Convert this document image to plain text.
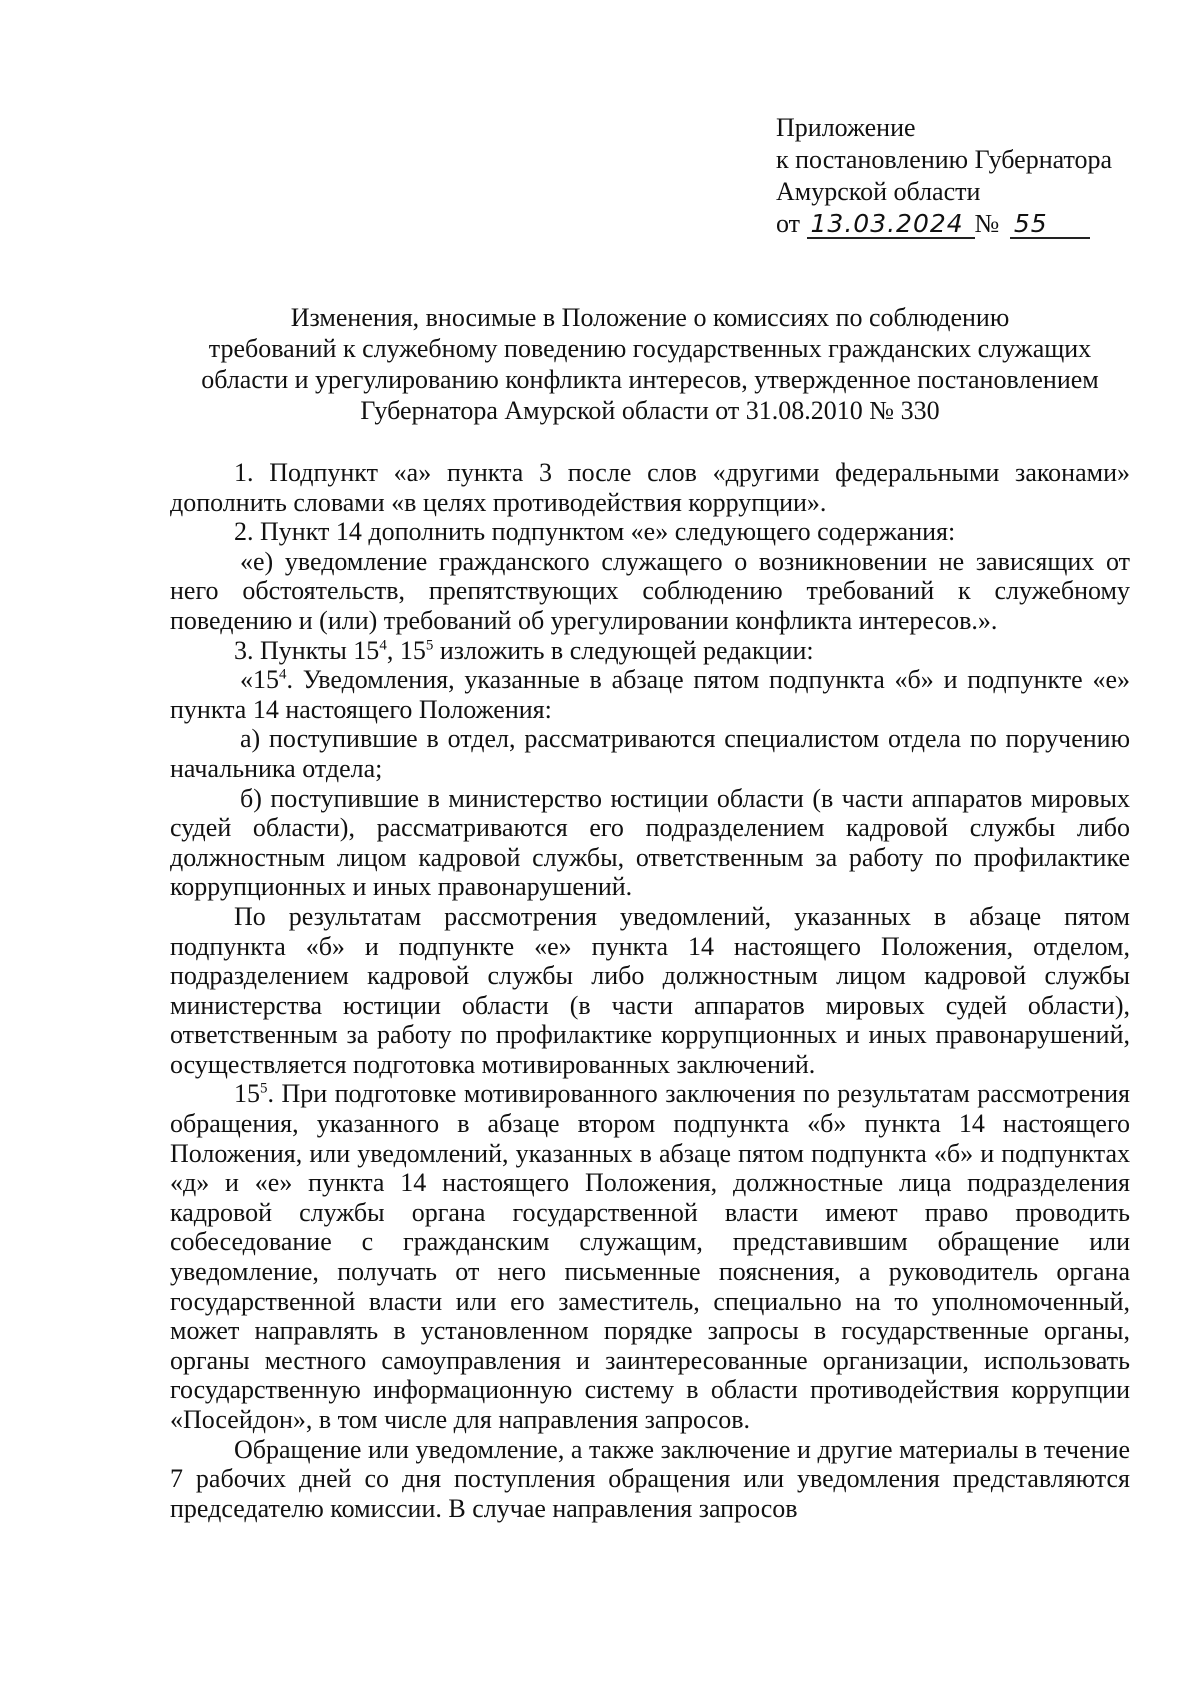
Приложение
к постановлению Губернатора
Амурской области
от 13.03.2024 № 55
Изменения, вносимые в Положение о комиссиях по соблюдению
требований к служебному поведению государственных гражданских служащих
области и урегулированию конфликта интересов, утвержденное постановлением
Губернатора Амурской области от 31.08.2010 № 330

1. Подпункт «а» пункта 3 после слов «другими федеральными законами» дополнить словами «в целях противодействия коррупции».

2. Пункт 14 дополнить подпунктом «е» следующего содержания:

«е) уведомление гражданского служащего о возникновении не зависящих от него обстоятельств, препятствующих соблюдению требований к служебному поведению и (или) требований об урегулировании конфликта интересов.».

3. Пункты $15^4$, $15^5$ изложить в следующей редакции:

«$15^4$. Уведомления, указанные в абзаце пятом подпункта «б» и подпункте «е» пункта 14 настоящего Положения:

а) поступившие в отдел, рассматриваются специалистом отдела по поручению начальника отдела;

б) поступившие в министерство юстиции области (в части аппаратов мировых судей области), рассматриваются его подразделением кадровой службы либо должностным лицом кадровой службы, ответственным за работу по профилактике коррупционных и иных правонарушений.

По результатам рассмотрения уведомлений, указанных в абзаце пятом подпункта «б» и подпункте «е» пункта 14 настоящего Положения, отделом, подразделением кадровой службы либо должностным лицом кадровой службы министерства юстиции области (в части аппаратов мировых судей области), ответственным за работу по профилактике коррупционных и иных правонарушений, осуществляется подготовка мотивированных заключений.

$15^5$. При подготовке мотивированного заключения по результатам рассмотрения обращения, указанного в абзаце втором подпункта «б» пункта 14 настоящего Положения, или уведомлений, указанных в абзаце пятом подпункта «б» и подпунктах «д» и «е» пункта 14 настоящего Положения, должностные лица подразделения кадровой службы органа государственной власти имеют право проводить собеседование с гражданским служащим, представившим обращение или уведомление, получать от него письменные пояснения, а руководитель органа государственной власти или его заместитель, специально на то уполномоченный, может направлять в установленном порядке запросы в государственные органы, органы местного самоуправления и заинтересованные организации, использовать государственную информационную систему в области противодействия коррупции «Посейдон», в том числе для направления запросов.

Обращение или уведомление, а также заключение и другие материалы в течение 7 рабочих дней со дня поступления обращения или уведомления представляются председателю комиссии. В случае направления запросов
